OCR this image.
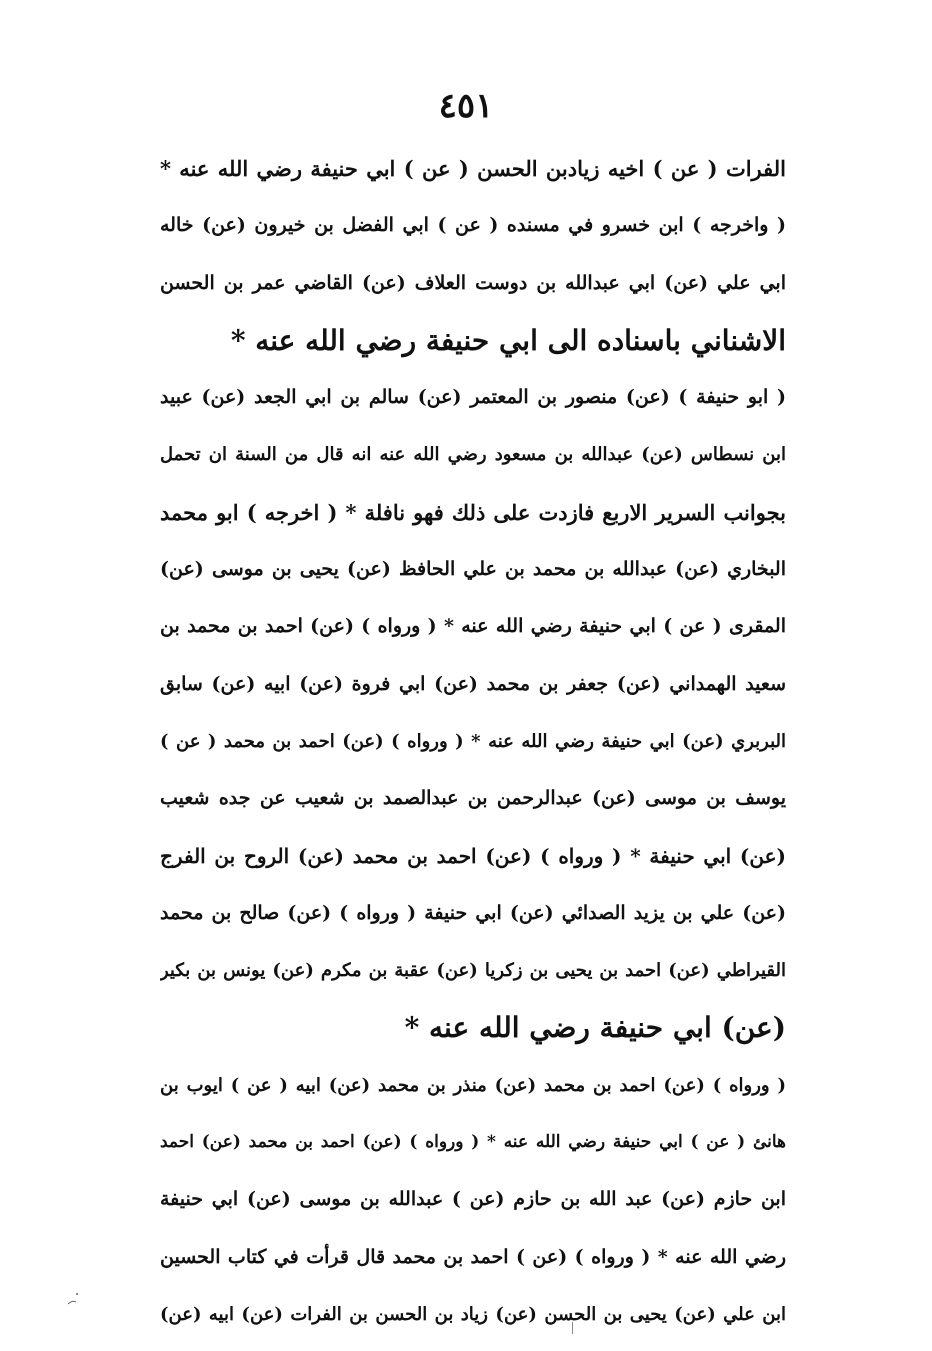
٤٥١
الفرات ( عن ) اخيه زيادبن الحسن ( عن ) ابي حنيفة رضي الله عنه *
( واخرجه ) ابن خسرو في مسنده ( عن ) ابي الفضل بن خيرون (عن) خاله
ابي علي (عن) ابي عبدالله بن دوست العلاف (عن) القاضي عمر بن الحسن
الاشناني باسناده الى ابي حنيفة رضي الله عنه *
( ابو حنيفة ) (عن) منصور بن المعتمر (عن) سالم بن ابي الجعد (عن) عبيد
ابن نسطاس (عن) عبدالله بن مسعود رضي الله عنه انه قال من السنة ان تحمل
بجوانب السرير الاربع فازدت على ذلك فهو نافلة * ( اخرجه ) ابو محمد
البخاري (عن) عبدالله بن محمد بن علي الحافظ (عن) يحيى بن موسى (عن)
المقرى ( عن ) ابي حنيفة رضي الله عنه * ( ورواه ) (عن) احمد بن محمد بن
سعيد الهمداني (عن) جعفر بن محمد (عن) ابي فروة (عن) ابيه (عن) سابق
البربري (عن) ابي حنيفة رضي الله عنه * ( ورواه ) (عن) احمد بن محمد ( عن )
يوسف بن موسى (عن) عبدالرحمن بن عبدالصمد بن شعيب عن جده شعيب
(عن) ابي حنيفة * ( ورواه ) (عن) احمد بن محمد (عن) الروح بن الفرج
(عن) علي بن يزيد الصدائي (عن) ابي حنيفة ( ورواه ) (عن) صالح بن محمد
القيراطي (عن) احمد بن يحيى بن زكريا (عن) عقبة بن مكرم (عن) يونس بن بكير
(عن) ابي حنيفة رضي الله عنه *
( ورواه ) (عن) احمد بن محمد (عن) منذر بن محمد (عن) ابيه ( عن ) ايوب بن
هانئ ( عن ) ابي حنيفة رضي الله عنه * ( ورواه ) (عن) احمد بن محمد (عن) احمد
ابن حازم (عن) عبد الله بن حازم (عن ) عبدالله بن موسى (عن) ابي حنيفة
رضي الله عنه * ( ورواه ) (عن ) احمد بن محمد قال قرأت في كتاب الحسين
ابن علي (عن) يحيى بن الحسن (عن) زياد بن الحسن بن الفرات (عن) ابيه (عن)
